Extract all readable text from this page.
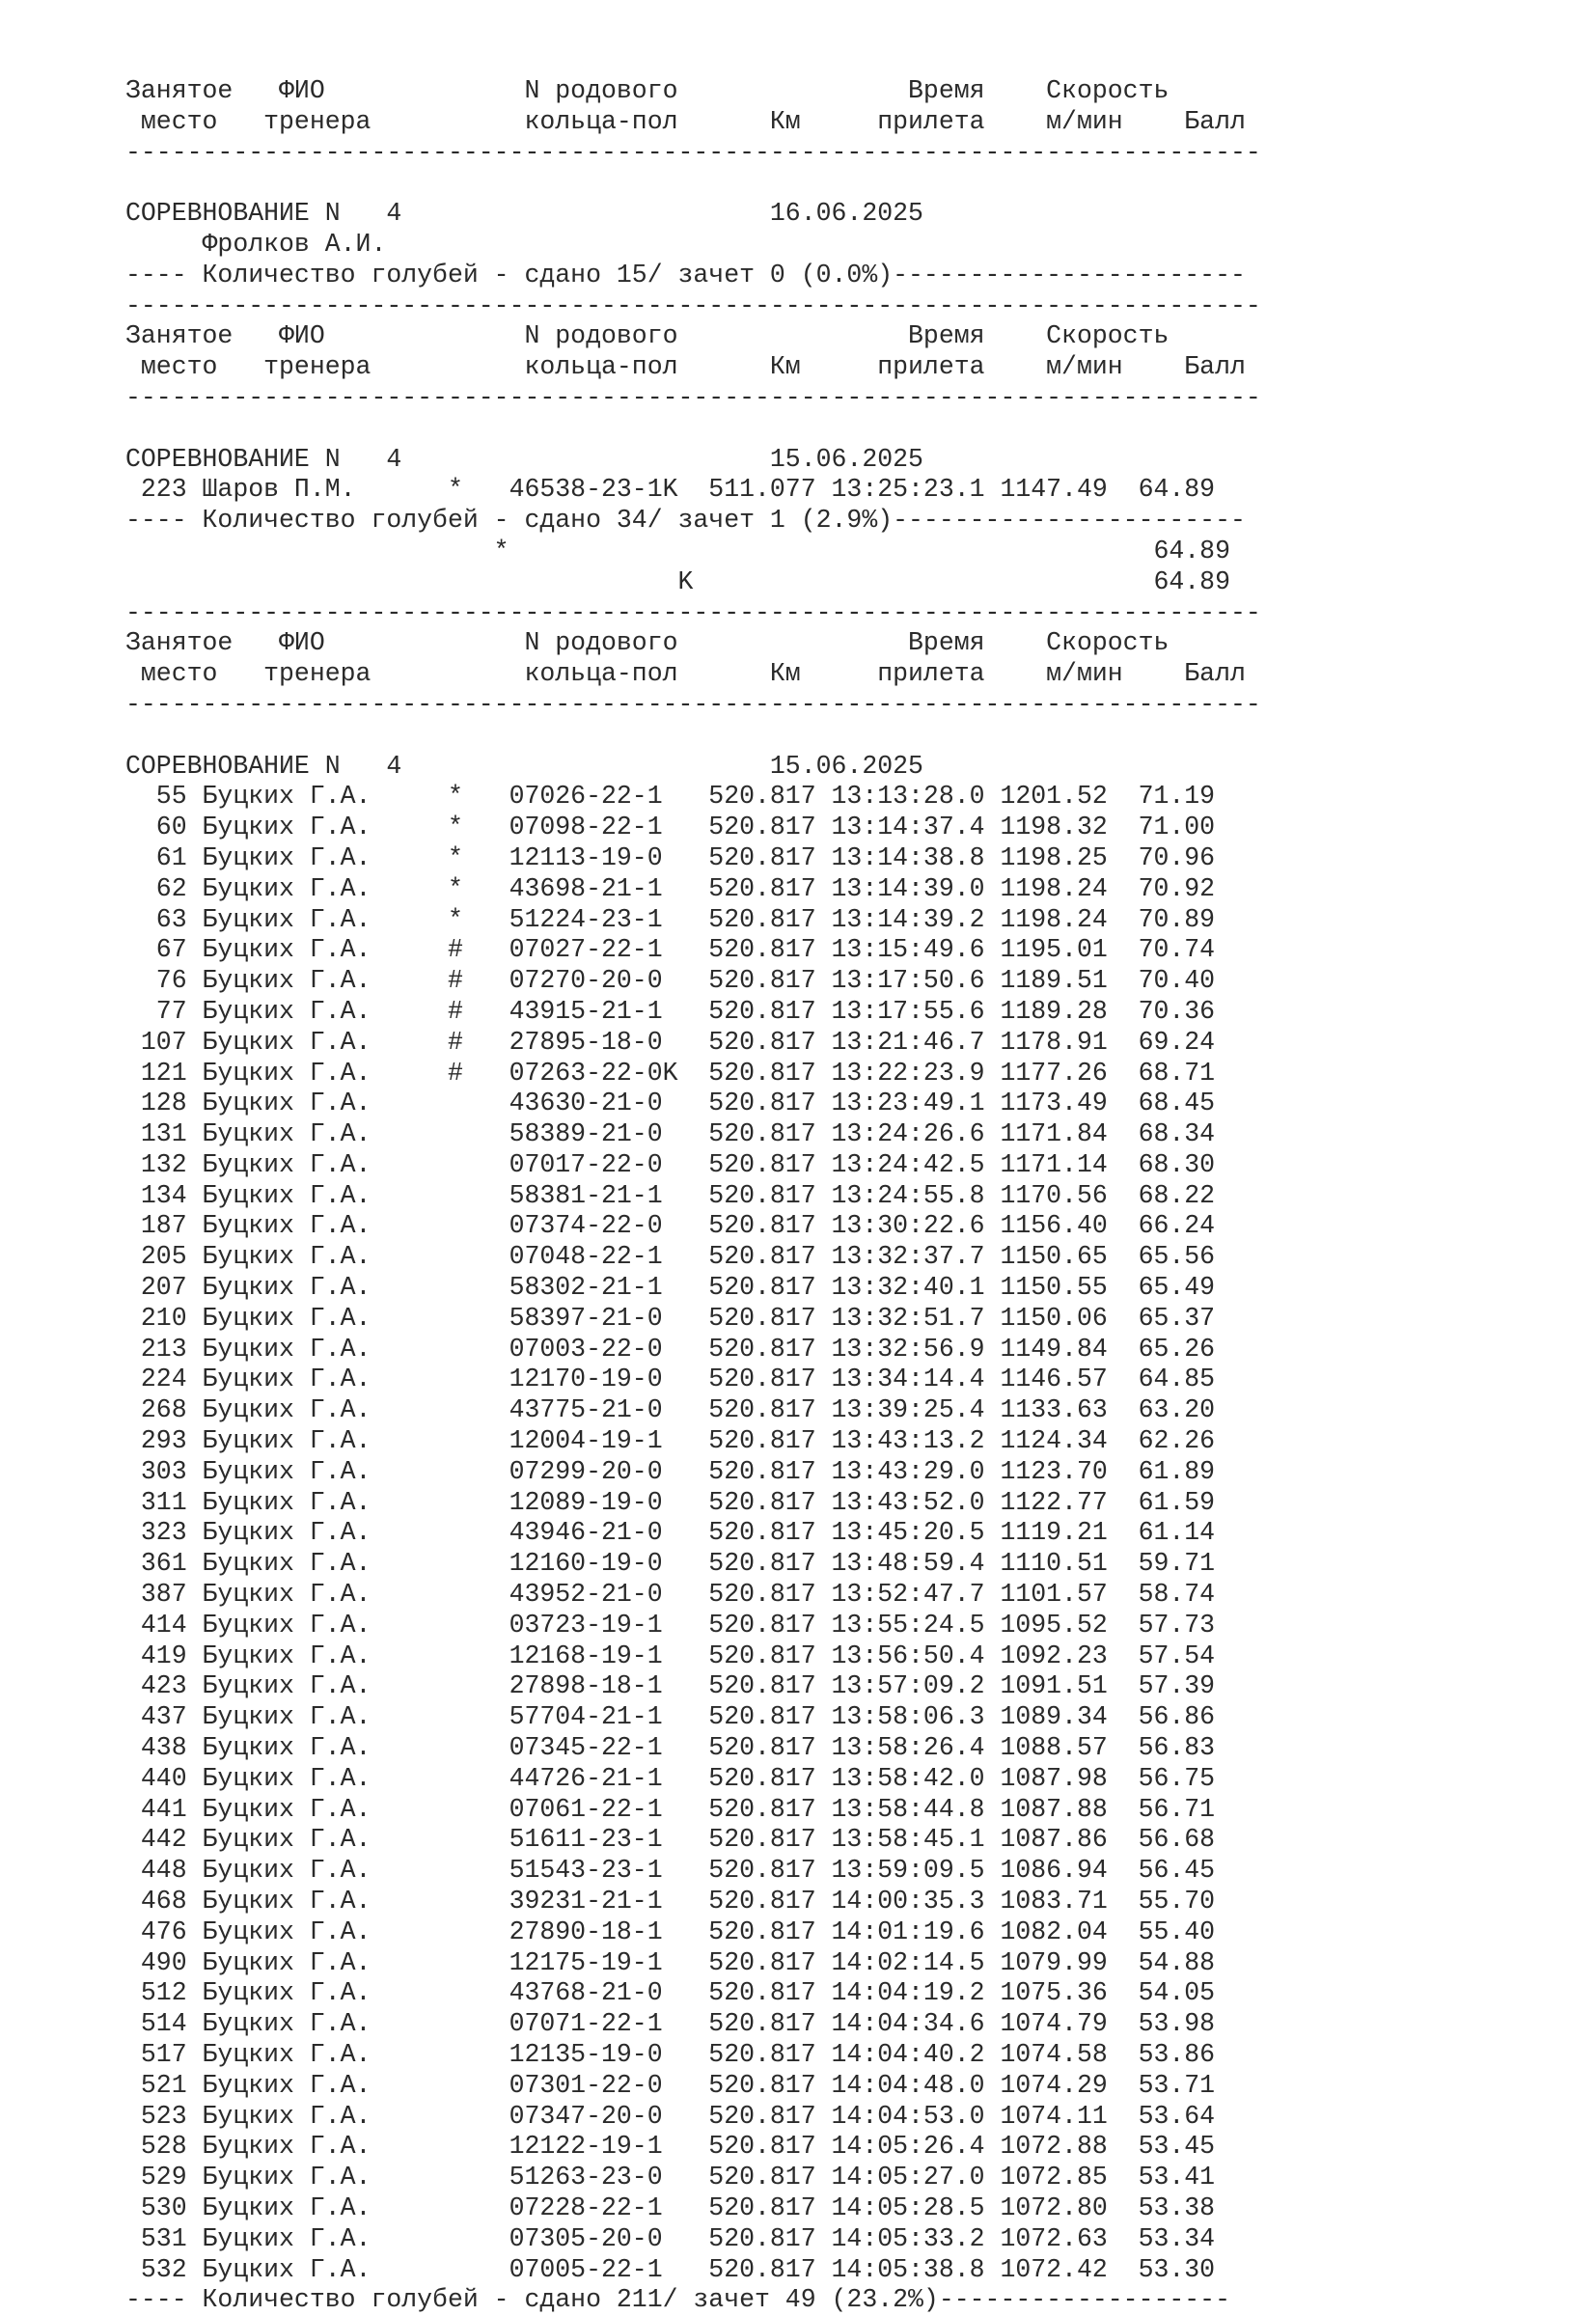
Занятое   ФИО             N родового               Время    Скорость
место   тренера          кольца-пол      Км     прилета    м/мин    Балл
--------------------------------------------------------------------------
СОРЕВНОВАНИЕ N   4                        16.06.2025
Фролков А.И.
---- Количество голубей - сдано 15/ зачет 0 (0.0%)-----------------------
--------------------------------------------------------------------------
Занятое   ФИО             N родового               Время    Скорость
место   тренера          кольца-пол      Км     прилета    м/мин    Балл
--------------------------------------------------------------------------
СОРЕВНОВАНИЕ N   4                        15.06.2025
223 Шаров П.М.      *   46538-23-1K  511.077 13:25:23.1 1147.49  64.89
---- Количество голубей - сдано 34/ зачет 1 (2.9%)-----------------------
*                                          64.89
K                              64.89
--------------------------------------------------------------------------
Занятое   ФИО             N родового               Время    Скорость
место   тренера          кольца-пол      Км     прилета    м/мин    Балл
--------------------------------------------------------------------------
СОРЕВНОВАНИЕ N   4                        15.06.2025
55 Буцких Г.А.     *   07026-22-1   520.817 13:13:28.0 1201.52  71.19
60 Буцких Г.А.     *   07098-22-1   520.817 13:14:37.4 1198.32  71.00
61 Буцких Г.А.     *   12113-19-0   520.817 13:14:38.8 1198.25  70.96
62 Буцких Г.А.     *   43698-21-1   520.817 13:14:39.0 1198.24  70.92
63 Буцких Г.А.     *   51224-23-1   520.817 13:14:39.2 1198.24  70.89
67 Буцких Г.А.     #   07027-22-1   520.817 13:15:49.6 1195.01  70.74
76 Буцких Г.А.     #   07270-20-0   520.817 13:17:50.6 1189.51  70.40
77 Буцких Г.А.     #   43915-21-1   520.817 13:17:55.6 1189.28  70.36
107 Буцких Г.А.     #   27895-18-0   520.817 13:21:46.7 1178.91  69.24
121 Буцких Г.А.     #   07263-22-0K  520.817 13:22:23.9 1177.26  68.71
128 Буцких Г.А.         43630-21-0   520.817 13:23:49.1 1173.49  68.45
131 Буцких Г.А.         58389-21-0   520.817 13:24:26.6 1171.84  68.34
132 Буцких Г.А.         07017-22-0   520.817 13:24:42.5 1171.14  68.30
134 Буцких Г.А.         58381-21-1   520.817 13:24:55.8 1170.56  68.22
187 Буцких Г.А.         07374-22-0   520.817 13:30:22.6 1156.40  66.24
205 Буцких Г.А.         07048-22-1   520.817 13:32:37.7 1150.65  65.56
207 Буцких Г.А.         58302-21-1   520.817 13:32:40.1 1150.55  65.49
210 Буцких Г.А.         58397-21-0   520.817 13:32:51.7 1150.06  65.37
213 Буцких Г.А.         07003-22-0   520.817 13:32:56.9 1149.84  65.26
224 Буцких Г.А.         12170-19-0   520.817 13:34:14.4 1146.57  64.85
268 Буцких Г.А.         43775-21-0   520.817 13:39:25.4 1133.63  63.20
293 Буцких Г.А.         12004-19-1   520.817 13:43:13.2 1124.34  62.26
303 Буцких Г.А.         07299-20-0   520.817 13:43:29.0 1123.70  61.89
311 Буцких Г.А.         12089-19-0   520.817 13:43:52.0 1122.77  61.59
323 Буцких Г.А.         43946-21-0   520.817 13:45:20.5 1119.21  61.14
361 Буцких Г.А.         12160-19-0   520.817 13:48:59.4 1110.51  59.71
387 Буцких Г.А.         43952-21-0   520.817 13:52:47.7 1101.57  58.74
414 Буцких Г.А.         03723-19-1   520.817 13:55:24.5 1095.52  57.73
419 Буцких Г.А.         12168-19-1   520.817 13:56:50.4 1092.23  57.54
423 Буцких Г.А.         27898-18-1   520.817 13:57:09.2 1091.51  57.39
437 Буцких Г.А.         57704-21-1   520.817 13:58:06.3 1089.34  56.86
438 Буцких Г.А.         07345-22-1   520.817 13:58:26.4 1088.57  56.83
440 Буцких Г.А.         44726-21-1   520.817 13:58:42.0 1087.98  56.75
441 Буцких Г.А.         07061-22-1   520.817 13:58:44.8 1087.88  56.71
442 Буцких Г.А.         51611-23-1   520.817 13:58:45.1 1087.86  56.68
448 Буцких Г.А.         51543-23-1   520.817 13:59:09.5 1086.94  56.45
468 Буцких Г.А.         39231-21-1   520.817 14:00:35.3 1083.71  55.70
476 Буцких Г.А.         27890-18-1   520.817 14:01:19.6 1082.04  55.40
490 Буцких Г.А.         12175-19-1   520.817 14:02:14.5 1079.99  54.88
512 Буцких Г.А.         43768-21-0   520.817 14:04:19.2 1075.36  54.05
514 Буцких Г.А.         07071-22-1   520.817 14:04:34.6 1074.79  53.98
517 Буцких Г.А.         12135-19-0   520.817 14:04:40.2 1074.58  53.86
521 Буцких Г.А.         07301-22-0   520.817 14:04:48.0 1074.29  53.71
523 Буцких Г.А.         07347-20-0   520.817 14:04:53.0 1074.11  53.64
528 Буцких Г.А.         12122-19-1   520.817 14:05:26.4 1072.88  53.45
529 Буцких Г.А.         51263-23-0   520.817 14:05:27.0 1072.85  53.41
530 Буцких Г.А.         07228-22-1   520.817 14:05:28.5 1072.80  53.38
531 Буцких Г.А.         07305-20-0   520.817 14:05:33.2 1072.63  53.34
532 Буцких Г.А.         07005-22-1   520.817 14:05:38.8 1072.42  53.30
---- Количество голубей - сдано 211/ зачет 49 (23.2%)-------------------
